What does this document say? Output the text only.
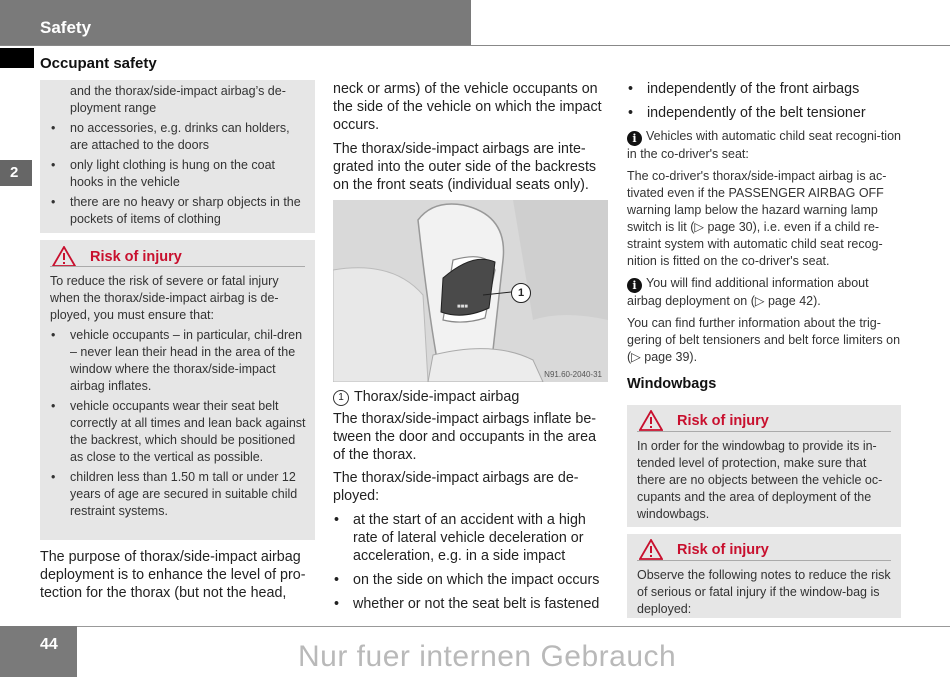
Safety
Occupant safety
2

and the thorax/side-impact airbag’s de-ployment range

• no accessories, e.g. drinks can holders, are attached to the doors
• only light clothing is hung on the coat hooks in the vehicle
• there are no heavy or sharp objects in the pockets of items of clothing
Risk of injury

To reduce the risk of severe or fatal injury when the thorax/side-impact airbag is de-ployed, you must ensure that:

• vehicle occupants – in particular, chil-dren – never lean their head in the area of the window where the thorax/side-impact airbag inflates.
• vehicle occupants wear their seat belt correctly at all times and lean back against the backrest, which should be positioned as close to the vertical as possible.
• children less than 1.50 m tall or under 12 years of age are secured in suitable child restraint systems.

The purpose of thorax/side-impact airbag deployment is to enhance the level of pro-tection for the thorax (but not the head,

neck or arms) of the vehicle occupants on the side of the vehicle on which the impact occurs.

The thorax/side-impact airbags are inte-grated into the outer side of the backrests on the front seats (individual seats only).

■■■
1
N91.60-2040-31

1 Thorax/side-impact airbag

The thorax/side-impact airbags inflate be-tween the door and occupants in the area of the thorax.

The thorax/side-impact airbags are de-ployed:

• at the start of an accident with a high rate of lateral vehicle deceleration or acceleration, e.g. in a side impact
• on the side on which the impact occurs
• whether or not the seat belt is fastened
• independently of the front airbags
• independently of the belt tensioner

i Vehicles with automatic child seat recogni-tion in the co-driver's seat:

The co-driver's thorax/side-impact airbag is ac-tivated even if the PASSENGER AIRBAG OFF warning lamp below the hazard warning lamp switch is lit (▷ page 30), i.e. even if a child re-straint system with automatic child seat recog-nition is fitted on the co-driver's seat.

i You will find additional information about airbag deployment on (▷ page 42).

You can find further information about the trig-gering of belt tensioners and belt force limiters on (▷ page 39).

Windowbags

Risk of injury

In order for the windowbag to provide its in-tended level of protection, make sure that there are no objects between the vehicle oc-cupants and the area of deployment of the windowbags.

Risk of injury

Observe the following notes to reduce the risk of serious or fatal injury if the window-bag is deployed:

44	Nur fuer internen Gebrauch
